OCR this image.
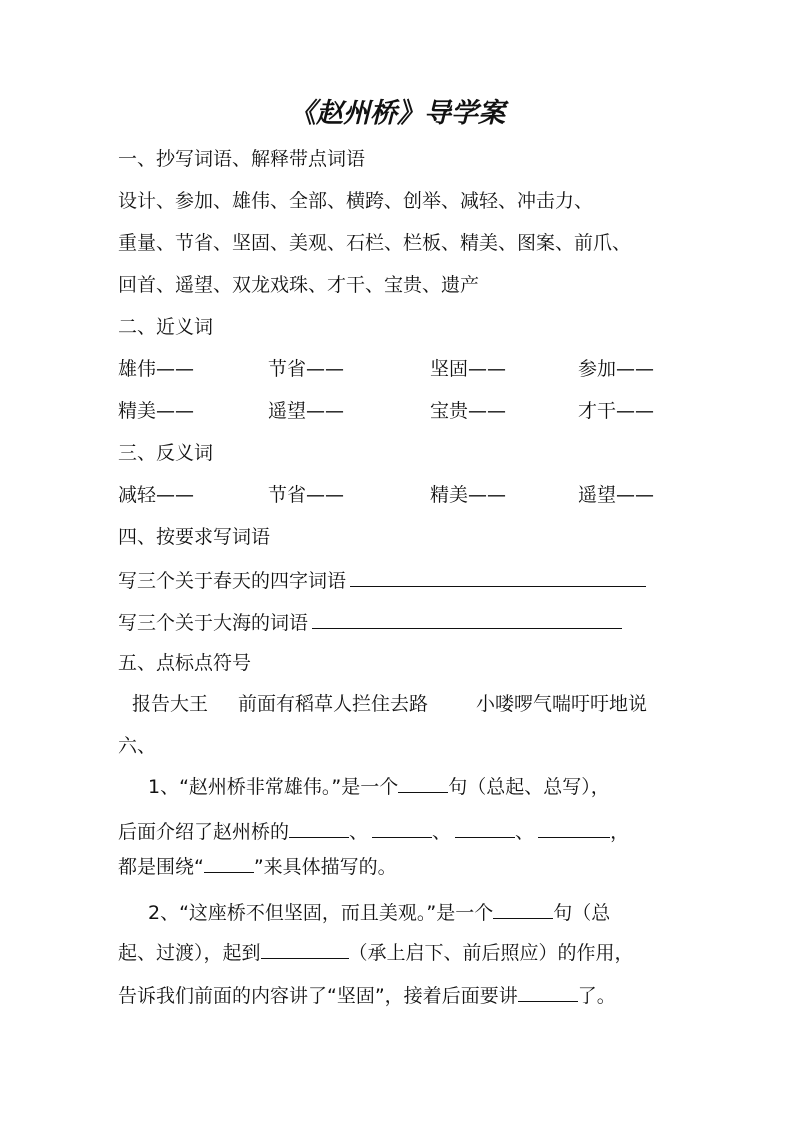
《赵州桥》导学案
一、抄写词语、解释带点词语
设计、参加、雄伟、全部、横跨、创举、减轻、冲击力、
重量、节省、坚固、美观、石栏、栏板、精美、图案、前爪、
回首、遥望、双龙戏珠、才干、宝贵、遗产
二、近义词
雄伟——	节省——	坚固——	参加——
精美——	遥望——	宝贵——	才干——
三、反义词
减轻——	节省——	精美——	遥望——
四、按要求写词语
写三个关于春天的四字词语
写三个关于大海的词语
五、点标点符号
报告大王 前面有稻草人拦住去路	小喽啰气喘吁吁地说
六、
1、“赵州桥非常雄伟。”是一个	句（总起、总写），
后面介绍了赵州桥的	、	、	、	，
都是围绕“	”来具体描写的。
2、“这座桥不但坚固，而且美观。”是一个	句（总
起、过渡），起到	（承上启下、前后照应）的作用，
告诉我们前面的内容讲了“坚固”，接着后面要讲	了。
